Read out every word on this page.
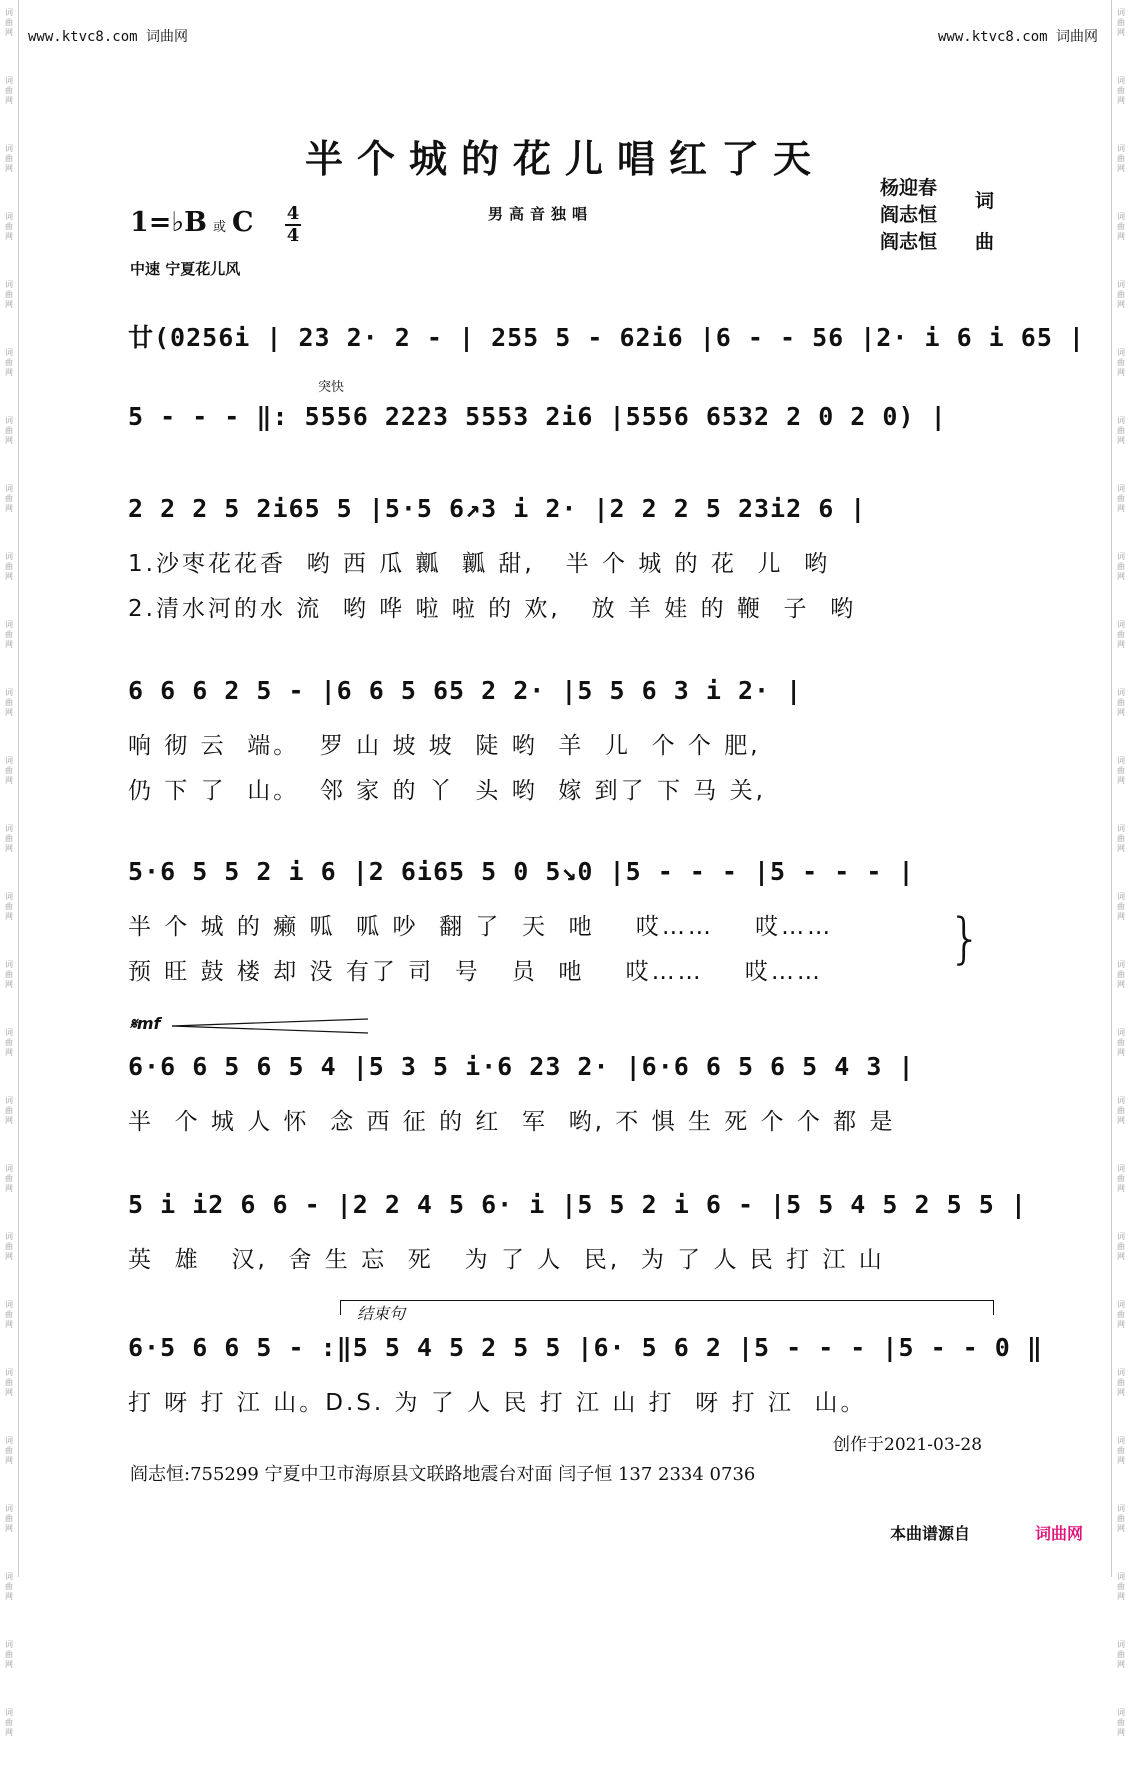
词
曲
网
词
曲
网
词
曲
网
词
曲
网
词
曲
网
词
曲
网
词
曲
网
词
曲
网
词
曲
网
词
曲
网
词
曲
网
词
曲
网
词
曲
网
词
曲
网
词
曲
网
词
曲
网
词
曲
网
词
曲
网
词
曲
网
词
曲
网
词
曲
网
词
曲
网
词
曲
网
词
曲
网
词
曲
网
词
曲
网
词
曲
网
词
曲
网
词
曲
网
词
曲
网
词
曲
网
词
曲
网
词
曲
网
词
曲
网
词
曲
网
词
曲
网
词
曲
网
词
曲
网
词
曲
网
词
曲
网
词
曲
网
词
曲
网
词
曲
网
词
曲
网
词
曲
网
词
曲
网
词
曲
网
词
曲
网
词
曲
网
词
曲
网
词
曲
网
词
曲
网
www.ktvc8.com 词曲网	www.ktvc8.com 词曲网
半个城的花儿唱红了天
男高音独唱
杨迎春
阎志恒
词
阎志恒 曲
1=♭B 或 C 4
4
中速 宁夏花儿风
廿(0256i | 23 2· 2 - | 255 5 - 62i6 |6 - - 56 |2· i 6 i 65 |
突快
5 - - - ‖: 5556 2223 5553 2i6 |5556 6532 2 0 2 0) |
2 2 2 5 2i65 5 |5·5 6↗3 i 2· |2 2 2 5 23i2 6 |
1.沙枣花花香  哟 西 瓜 瓤  瓤 甜,   半 个 城 的 花  儿  哟
2.清水河的水 流  哟 哗 啦 啦 的 欢,   放 羊 娃 的 鞭  子  哟
6 6 6 2 5 - |6 6 5 65 2 2· |5 5 6 3 i 2· |
响 彻 云  端。  罗 山 坡 坡  陡 哟  羊  儿  个 个 肥,
仍 下 了  山。  邻 家 的 丫  头 哟  嫁 到了 下 马 关,
5·6 5 5 2 i 6 |2 6i65 5 0 5↘0 |5 - - - |5 - - - |
半 个 城 的 癞 呱  呱 吵  翻 了  天  吔    哎……    哎……
预 旺 鼓 楼 却 没 有了 司  号   员  吔    哎……    哎……
}
𝄋mf
6·6 6 5 6 5 4 |5 3 5 i·6 23 2· |6·6 6 5 6 5 4 3 |
半  个 城 人 怀  念 西 征 的 红  军  哟, 不 惧 生 死 个 个 都 是
5 i i2 6 6 - |2 2 4 5 6· i |5 5 2 i 6 - |5 5 4 5 2 5 5 |
英  雄   汉,  舍 生 忘  死   为 了 人  民,  为 了 人 民 打 江 山
结束句
6·5 6 6 5 - :‖5 5 4 5 2 5 5 |6· 5 6 2 |5 - - - |5 - - 0 ‖
打 呀 打 江 山。D.S. 为 了 人 民 打 江 山 打  呀 打 江  山。
创作于2021-03-28
阎志恒:755299 宁夏中卫市海原县文联路地震台对面 闫子恒 137 2334 0736
本曲谱源自	词曲网
